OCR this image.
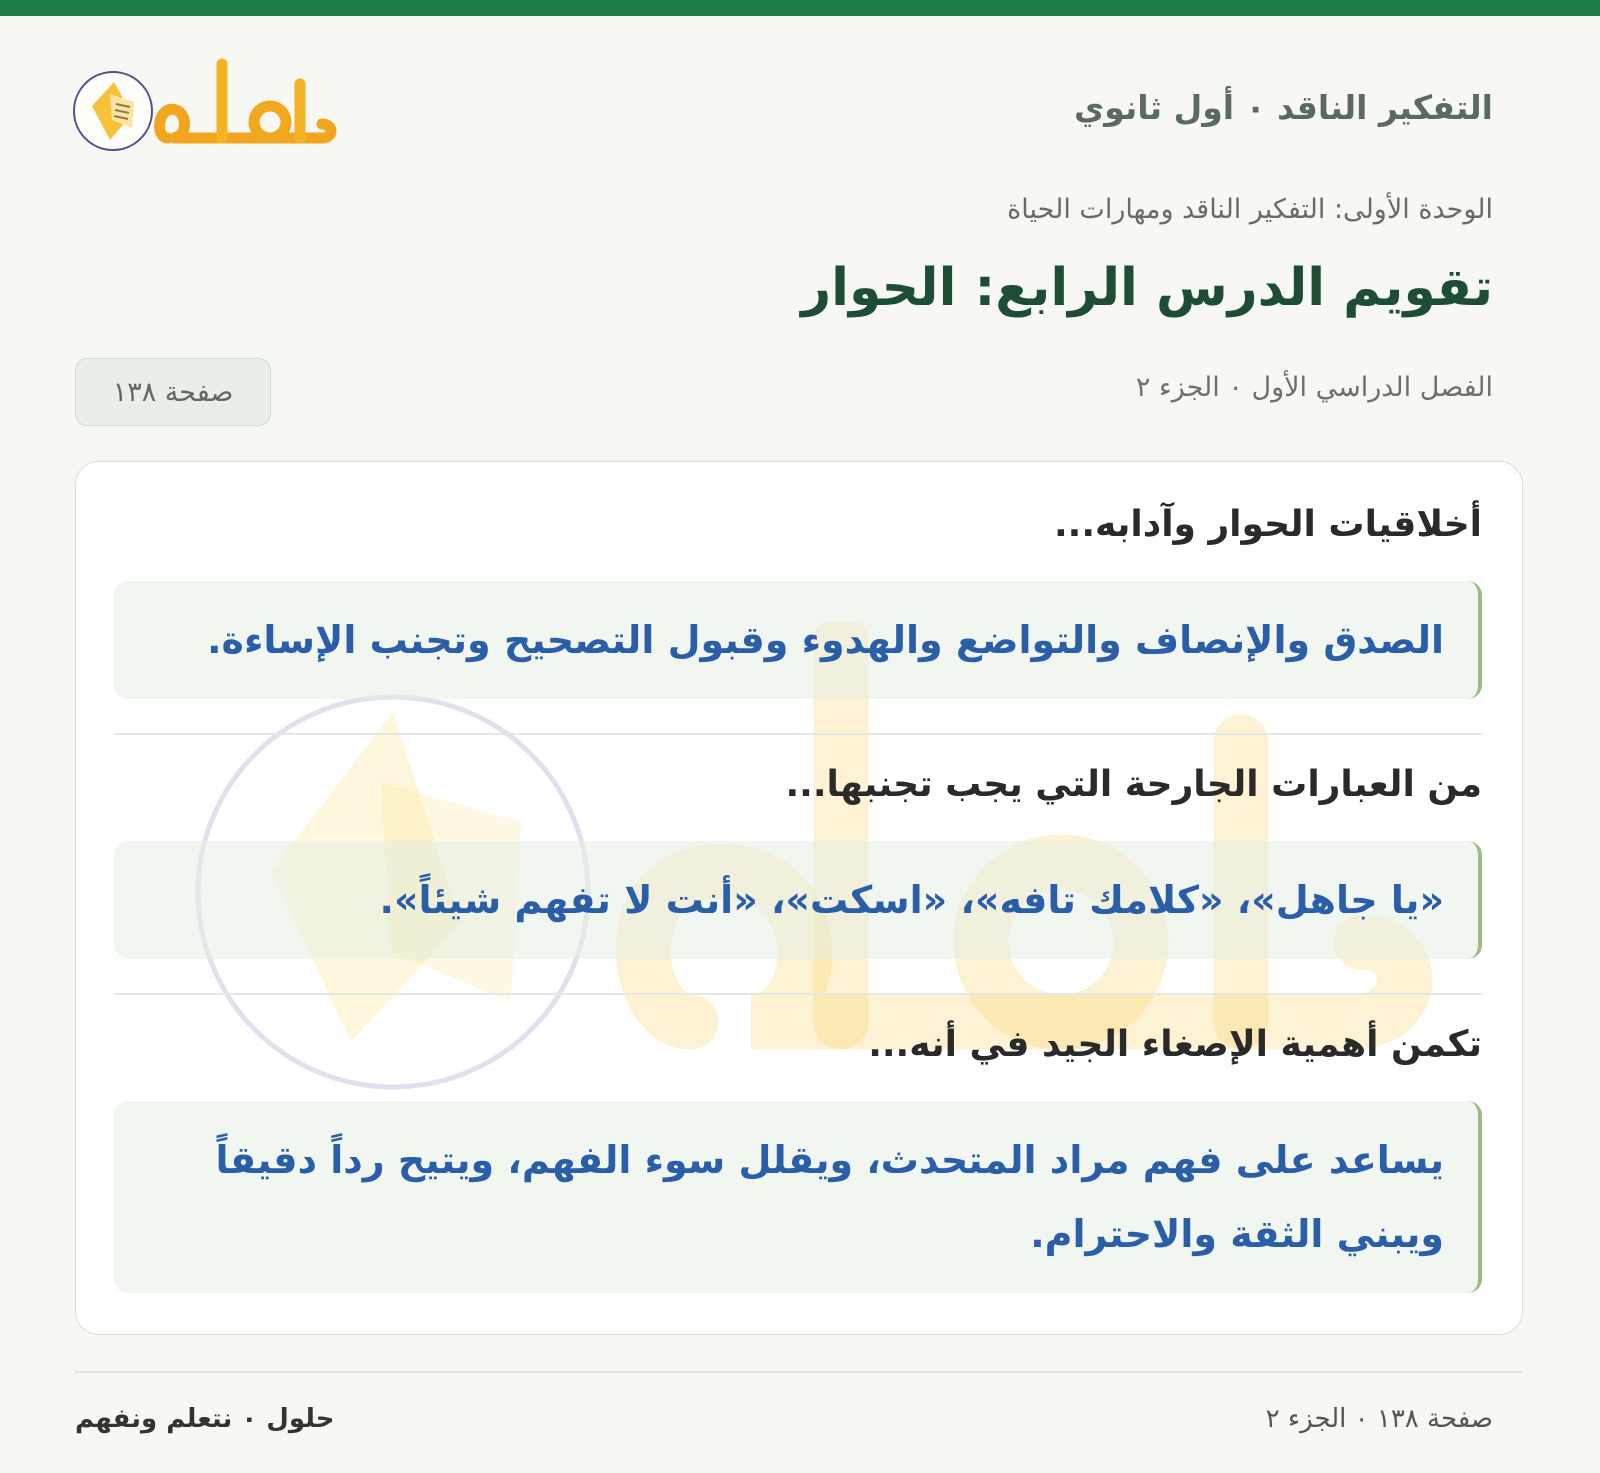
التفكير الناقد ٠ أول ثانوي
الوحدة الأولى: التفكير الناقد ومهارات الحياة
تقويم الدرس الرابع: الحوار
الفصل الدراسي الأول ٠ الجزء ٢
صفحة ١٣٨

أخلاقيات الحوار وآدابه...

الصدق والإنصاف والتواضع والهدوء وقبول التصحيح وتجنب الإساءة.

من العبارات الجارحة التي يجب تجنبها...

«يا جاهل»، «كلامك تافه»، «اسكت»، «أنت لا تفهم شيئاً».

تكمن أهمية الإصغاء الجيد في أنه...

يساعد على فهم مراد المتحدث، ويقلل سوء الفهم، ويتيح رداً دقيقاً ويبني الثقة والاحترام.
صفحة ١٣٨ ٠ الجزء ٢
حلول ٠ نتعلم ونفهم
